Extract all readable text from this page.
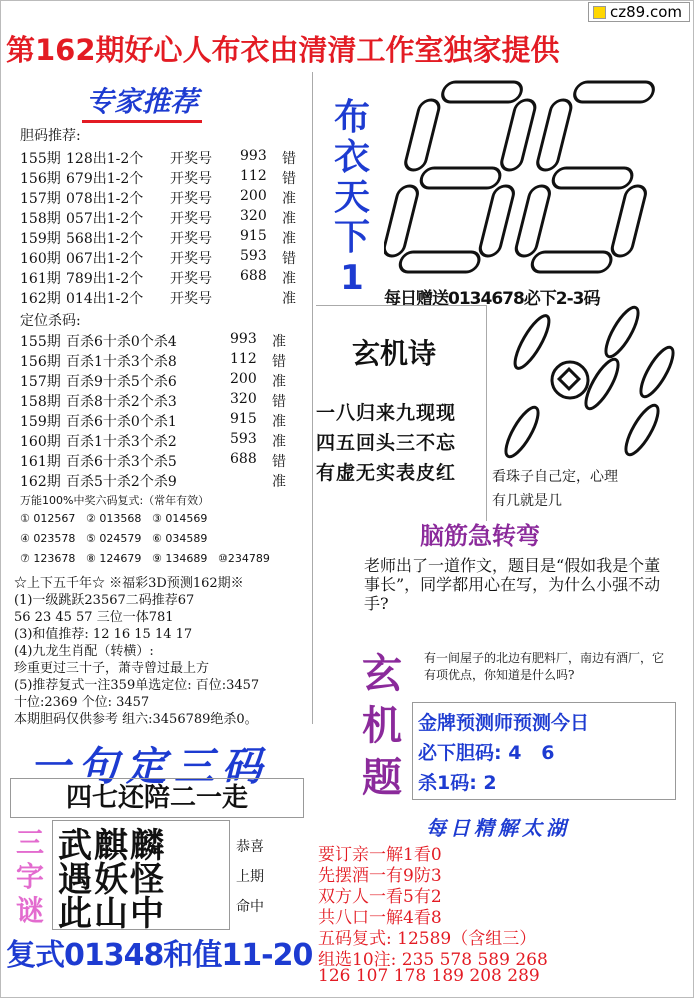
cz89.com
第162期好心人布衣由清清工作室独家提供
专家推荐
胆码推荐:
155期 128出1-2个 开奖号 993 错
156期 679出1-2个 开奖号 112 错
157期 078出1-2个 开奖号 200 准
158期 057出1-2个 开奖号 320 准
159期 568出1-2个 开奖号 915 准
160期 067出1-2个 开奖号 593 错
161期 789出1-2个 开奖号 688 准
162期 014出1-2个 开奖号	准
定位杀码:
155期 百杀6十杀0个杀4	993 准
156期 百杀1十杀3个杀8	112 错
157期 百杀9十杀5个杀6	200 准
158期 百杀8十杀2个杀3	320 错
159期 百杀6十杀0个杀1	915 准
160期 百杀1十杀3个杀2	593 准
161期 百杀6十杀3个杀5	688 错
162期 百杀5十杀2个杀9	准
万能100%中奖六码复式:（常年有效）
① 012567 ② 013568 ③ 014569
④ 023578 ⑤ 024579 ⑥ 034589
⑦ 123678 ⑧ 124679 ⑨ 134689 ⑩234789
☆上下五千年☆ ※福彩3D预测162期※
(1)一级跳跃23567二码推荐67
56 23 45 57 三位一体781
(3)和值推荐: 12 16 15 14 17
(4)九龙生肖配（转横）:
珍重更过三十子，萧寺曾过最上方
(5)推荐复式一注359单选定位: 百位:3457
十位:2369 个位: 3457
本期胆码仅供参考 组六:3456789绝杀0。
一句定三码
四七还陪二一走
三
字
谜
武麒麟
遇妖怪
此山中
恭喜
上期
命中
复式01348和值11-20
布
衣
天
下
1
每日赠送0134678必下2-3码
玄机诗
一八归来九现现
四五回头三不忘
有虚无实表皮红	看珠子自己定，心理
有几就是几
脑筋急转弯
老师出了一道作文，题目是“假如我是个董事长”，同学都用心在写，为什么小强不动手?
玄
机
题
有一间屋子的北边有肥料厂，南边有酒厂，它有项优点，你知道是什么吗?
金牌预测师预测今日
必下胆码: 4   6
杀1码: 2
每日精解太湖
要订亲一解1看0
先摆酒一有9防3
双方人一看5有2
共八口一解4看8
五码复式: 12589（含组三）
组选10注: 235 578 589 268
126 107 178 189 208 289
